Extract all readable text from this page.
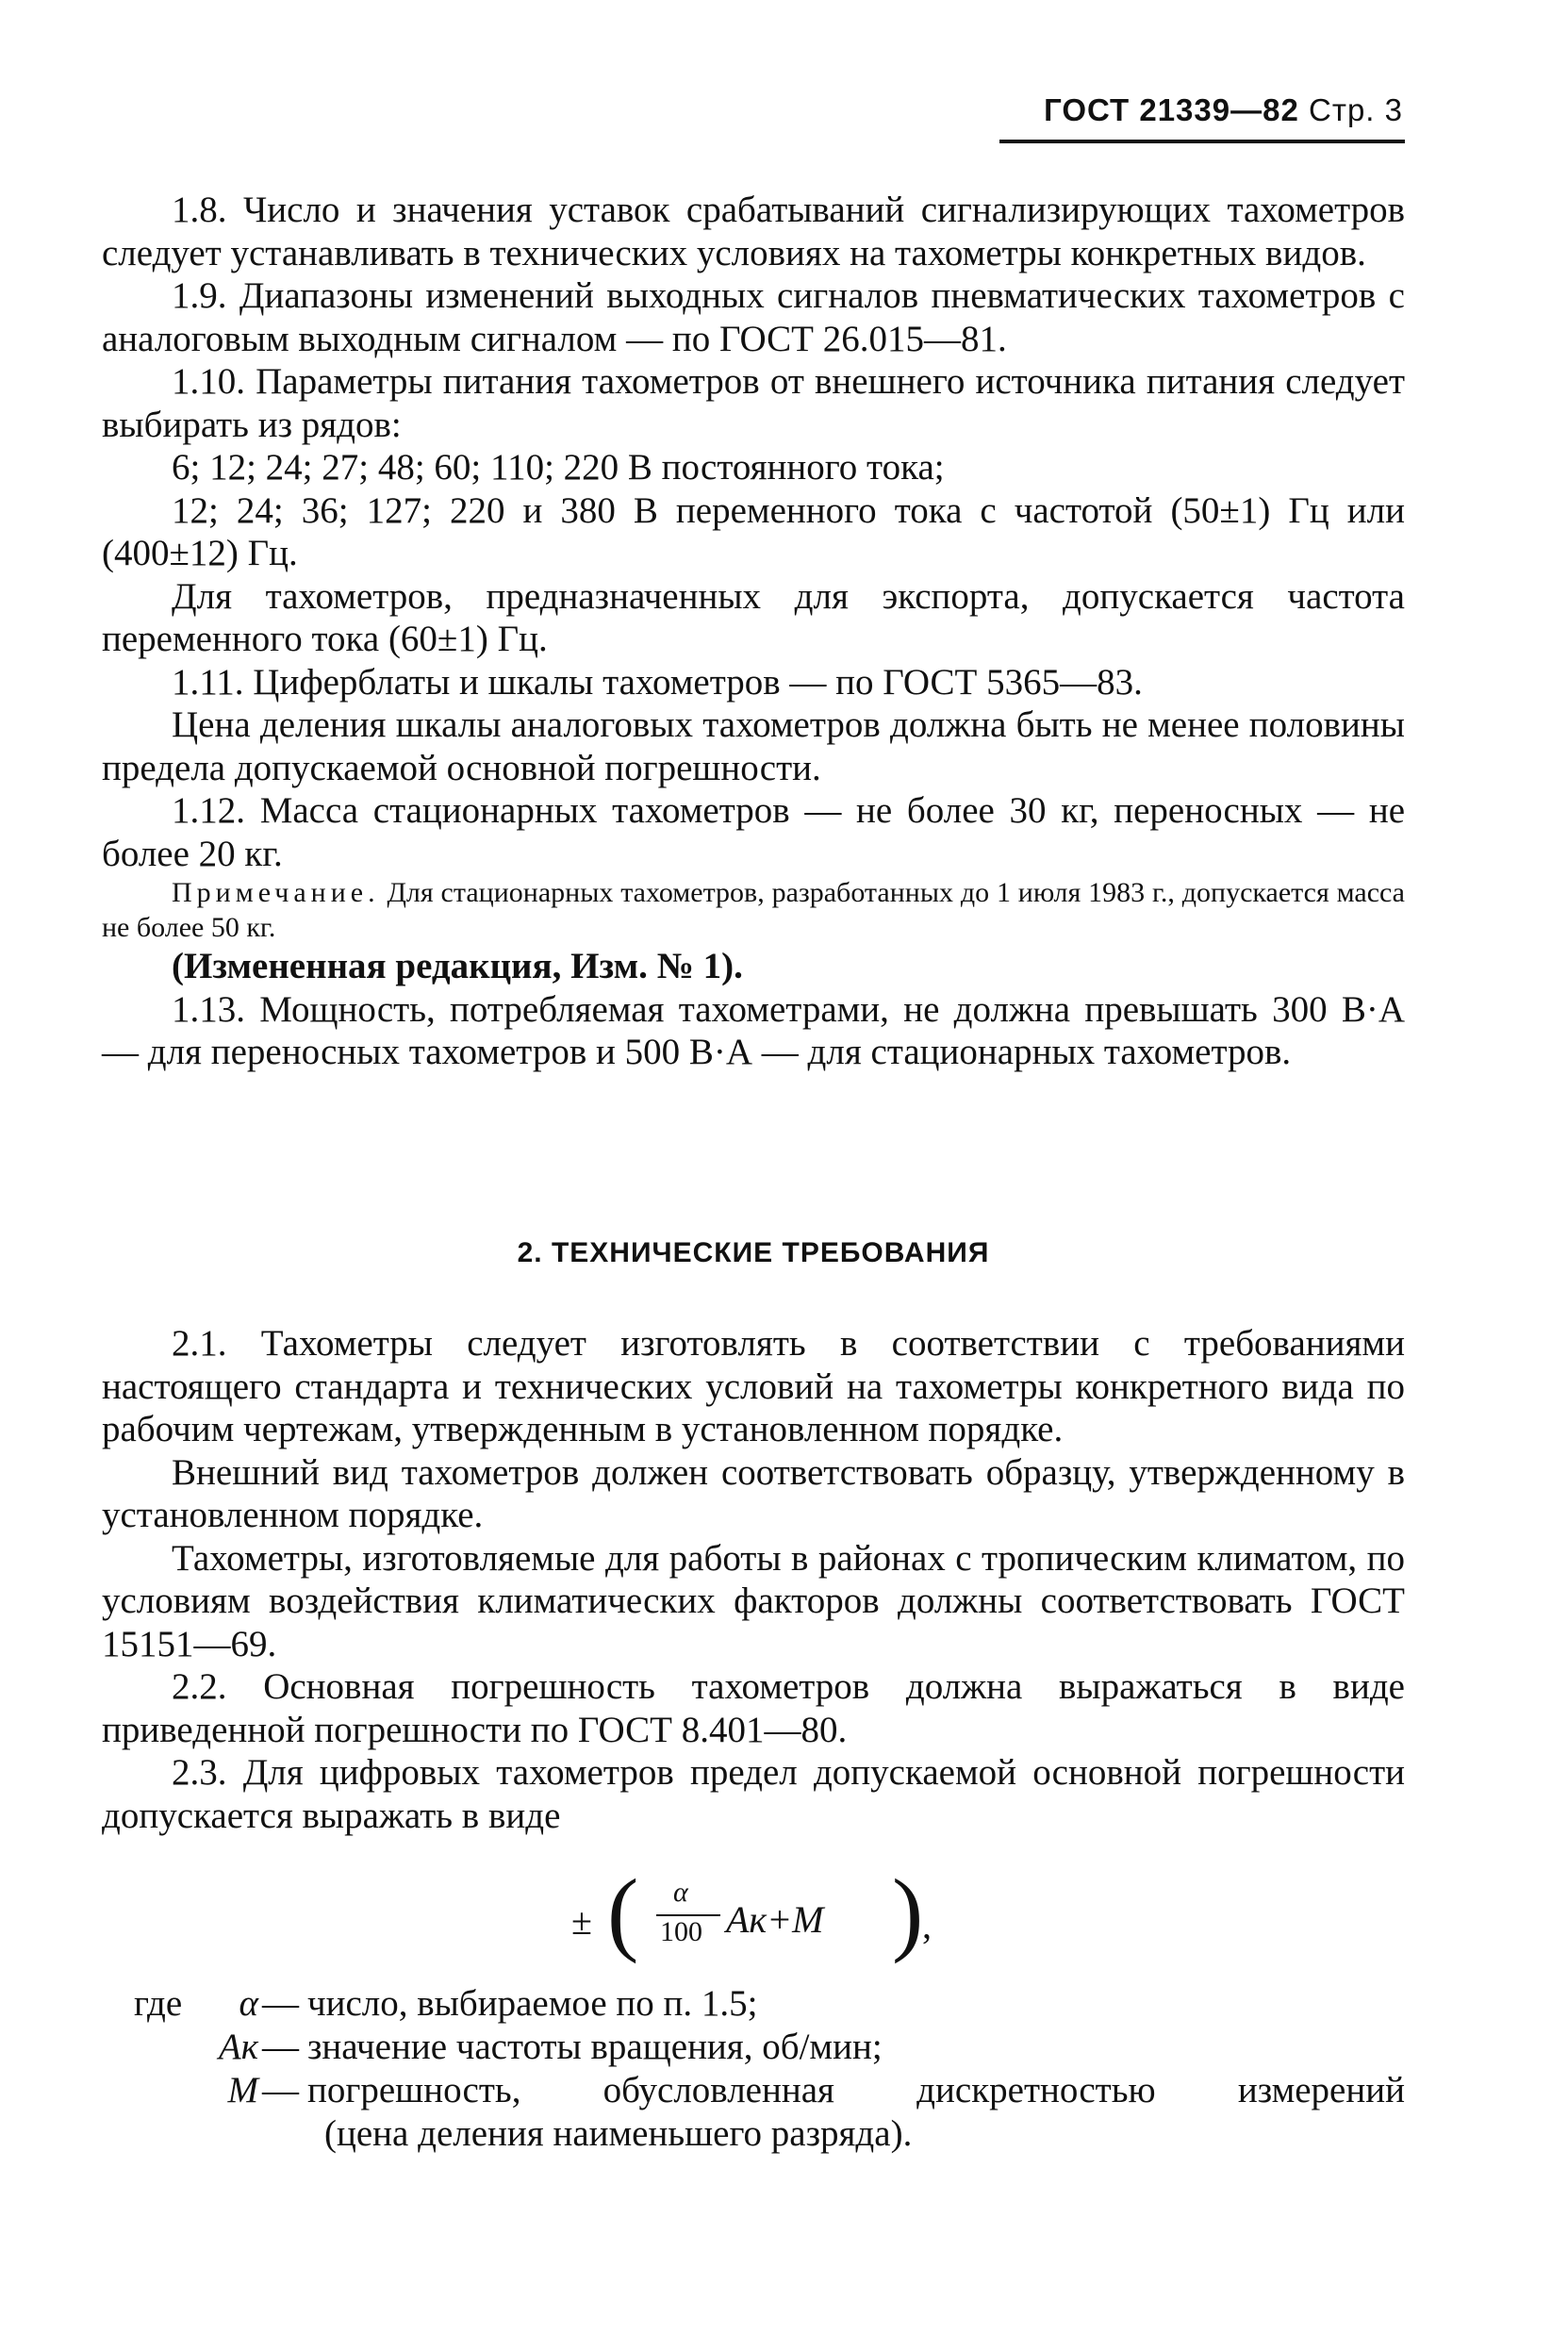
ГОСТ 21339—82 Стр. 3

1.8. Число и значения уставок срабатываний сигнализирующих тахометров следует устанавливать в технических условиях на тахометры конкретных видов.

1.9. Диапазоны изменений выходных сигналов пневматических тахометров с аналоговым выходным сигналом — по ГОСТ 26.015—81.

1.10. Параметры питания тахометров от внешнего источника питания следует выбирать из рядов:

6; 12; 24; 27; 48; 60; 110; 220 В постоянного тока;

12; 24; 36; 127; 220 и 380 В переменного тока с частотой (50±1) Гц или (400±12) Гц.

Для тахометров, предназначенных для экспорта, допускается частота переменного тока (60±1) Гц.

1.11. Циферблаты и шкалы тахометров — по ГОСТ 5365—83.

Цена деления шкалы аналоговых тахометров должна быть не менее половины предела допускаемой основной погрешности.

1.12. Масса стационарных тахометров — не более 30 кг, переносных — не более 20 кг.

Примечание. Для стационарных тахометров, разработанных до 1 июля 1983 г., допускается масса не более 50 кг.

(Измененная редакция, Изм. № 1).

1.13. Мощность, потребляемая тахометрами, не должна превышать 300 В·А — для переносных тахометров и 500 В·А — для стационарных тахометров.

2. ТЕХНИЧЕСКИЕ ТРЕБОВАНИЯ

2.1. Тахометры следует изготовлять в соответствии с требованиями настоящего стандарта и технических условий на тахометры конкретного вида по рабочим чертежам, утвержденным в установленном порядке.

Внешний вид тахометров должен соответствовать образцу, утвержденному в установленном порядке.

Тахометры, изготовляемые для работы в районах с тропическим климатом, по условиям воздействия климатических факторов должны соответствовать ГОСТ 15151—69.

2.2. Основная погрешность тахометров должна выражаться в виде приведенной погрешности по ГОСТ 8.401—80.

2.3. Для цифровых тахометров предел допускаемой основной погрешности допускается выражать в виде

± ( α
100 Aк+M )
,
где α — число, выбираемое по п. 1.5;
Aк — значение частоты вращения, об/мин;
M — погрешность, обусловленная дискретностью измерений
(цена деления наименьшего разряда).
